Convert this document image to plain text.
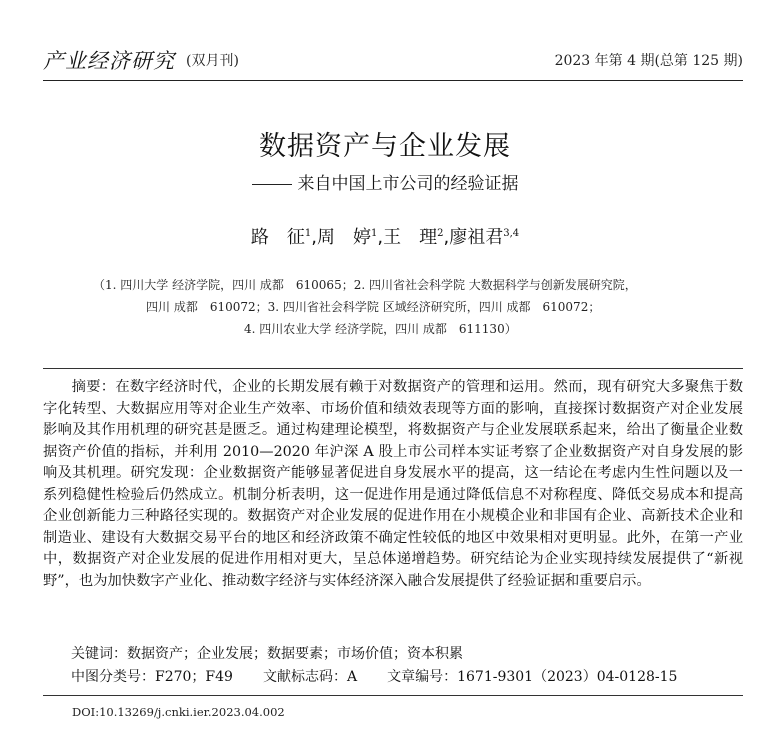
产业经济研究 (双月刊)	2023 年第 4 期(总第 125 期)
数据资产与企业发展
来自中国上市公司的经验证据
路　征$^1$,周　婷$^1$,王　理$^2$,廖祖君$^{3,4}$
（1. 四川大学 经济学院，四川 成都　610065；2. 四川省社会科学院 大数据科学与创新发展研究院，
四川 成都　610072；3. 四川省社会科学院 区域经济研究所，四川 成都　610072；
4. 四川农业大学 经济学院，四川 成都　611130）
摘要：在数字经济时代，企业的长期发展有赖于对数据资产的管理和运用。然而，现有研究大多聚焦于数字化转型、大数据应用等对企业生产效率、市场价值和绩效表现等方面的影响，直接探讨数据资产对企业发展影响及其作用机理的研究甚是匮乏。通过构建理论模型，将数据资产与企业发展联系起来，给出了衡量企业数据资产价值的指标，并利用 2010—2020 年沪深 A 股上市公司样本实证考察了企业数据资产对自身发展的影响及其机理。研究发现：企业数据资产能够显著促进自身发展水平的提高，这一结论在考虑内生性问题以及一系列稳健性检验后仍然成立。机制分析表明，这一促进作用是通过降低信息不对称程度、降低交易成本和提高企业创新能力三种路径实现的。数据资产对企业发展的促进作用在小规模企业和非国有企业、高新技术企业和制造业、建设有大数据交易平台的地区和经济政策不确定性较低的地区中效果相对更明显。此外，在第一产业中，数据资产对企业发展的促进作用相对更大，呈总体递增趋势。研究结论为企业实现持续发展提供了“新视野”，也为加快数字产业化、推动数字经济与实体经济深入融合发展提供了经验证据和重要启示。
关键词：数据资产；企业发展；数据要素；市场价值；资本积累
中图分类号：F270；F49 文献标志码：A 文章编号：1671-9301（2023）04-0128-15
DOI:10.13269/j.cnki.ier.2023.04.002
